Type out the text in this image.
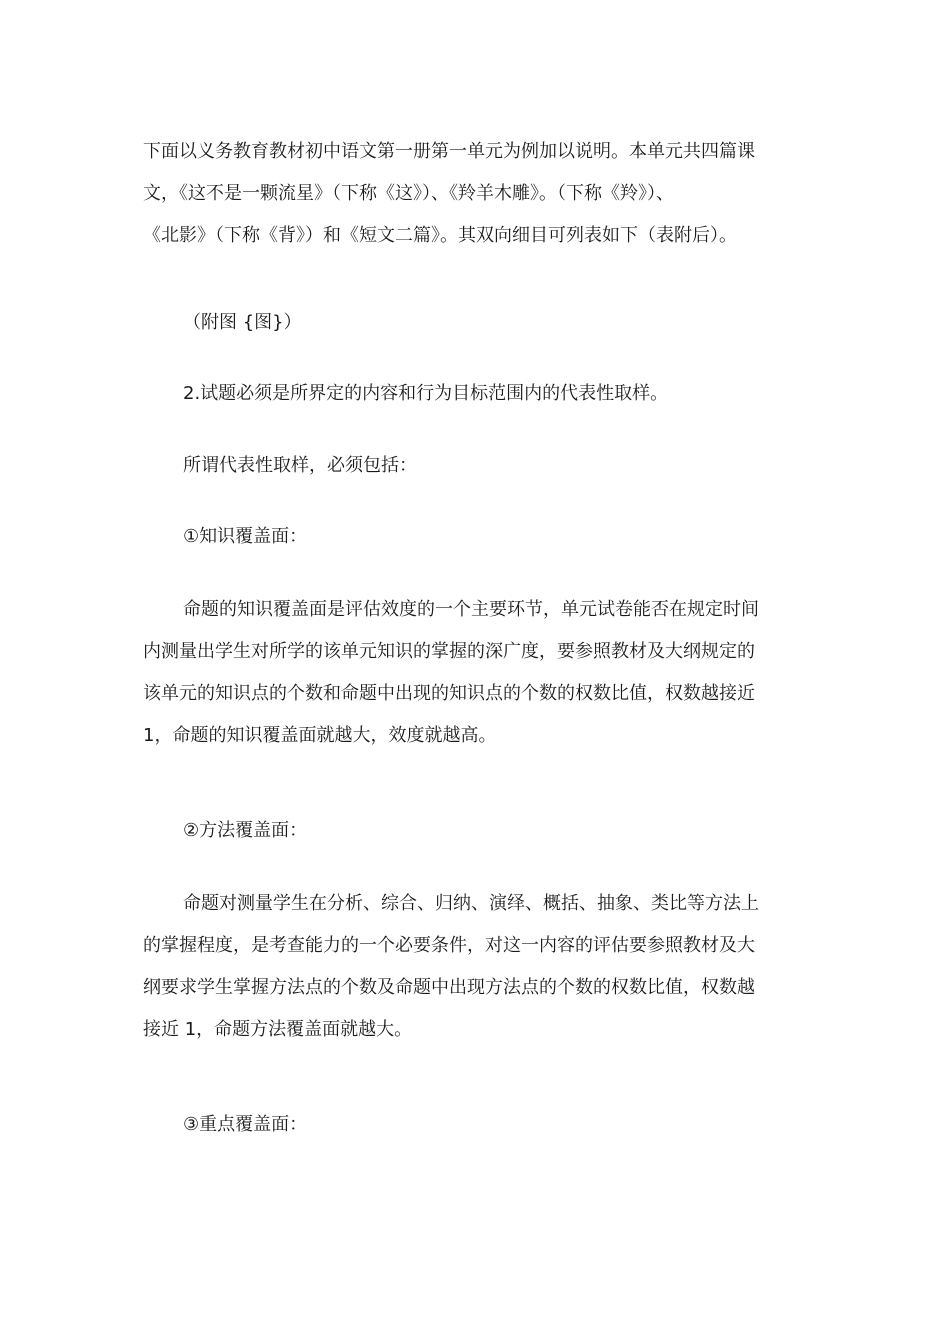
下面以义务教育教材初中语文第一册第一单元为例加以说明。本单元共四篇课
文，《这不是一颗流星》（下称《这》）、《羚羊木雕》。（下称《羚》）、
《北影》（下称《背》）和《短文二篇》。其双向细目可列表如下（表附后）。

（附图 {图}）

2.试题必须是所界定的内容和行为目标范围内的代表性取样。

所谓代表性取样，必须包括：

①知识覆盖面：

命题的知识覆盖面是评估效度的一个主要环节，单元试卷能否在规定时间
内测量出学生对所学的该单元知识的掌握的深广度，要参照教材及大纲规定的
该单元的知识点的个数和命题中出现的知识点的个数的权数比值，权数越接近
1，命题的知识覆盖面就越大，效度就越高。

②方法覆盖面：

命题对测量学生在分析、综合、归纳、演绎、概括、抽象、类比等方法上
的掌握程度，是考查能力的一个必要条件，对这一内容的评估要参照教材及大
纲要求学生掌握方法点的个数及命题中出现方法点的个数的权数比值，权数越
接近 1，命题方法覆盖面就越大。

③重点覆盖面：
